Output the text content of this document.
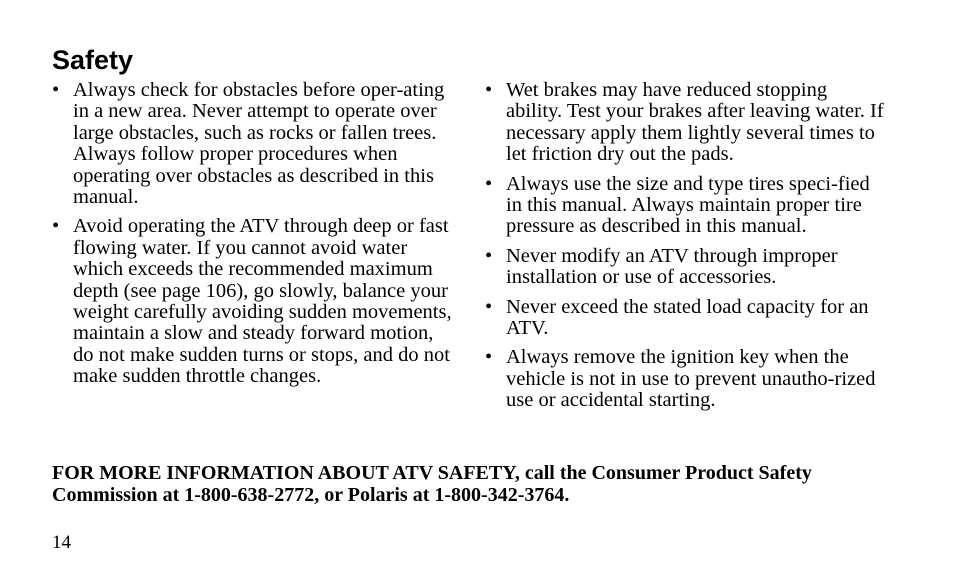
Safety
• Always check for obstacles before oper-ating in a new area. Never attempt to operate over large obstacles, such as rocks or fallen trees. Always follow proper procedures when operating over obstacles as described in this manual.
• Avoid operating the ATV through deep or fast flowing water. If you cannot avoid water which exceeds the recommended maximum depth (see page 106), go slowly, balance your weight carefully avoiding sudden movements, maintain a slow and steady forward motion, do not make sudden turns or stops, and do not make sudden throttle changes.
• Wet brakes may have reduced stopping ability. Test your brakes after leaving water. If necessary apply them lightly several times to let friction dry out the pads.
• Always use the size and type tires speci-fied in this manual. Always maintain proper tire pressure as described in this manual.
• Never modify an ATV through improper installation or use of accessories.
• Never exceed the stated load capacity for an ATV.
• Always remove the ignition key when the vehicle is not in use to prevent unautho-rized use or accidental starting.

FOR MORE INFORMATION ABOUT ATV SAFETY, call the Consumer Product Safety Commission at 1-800-638-2772, or Polaris at 1-800-342-3764.

14
